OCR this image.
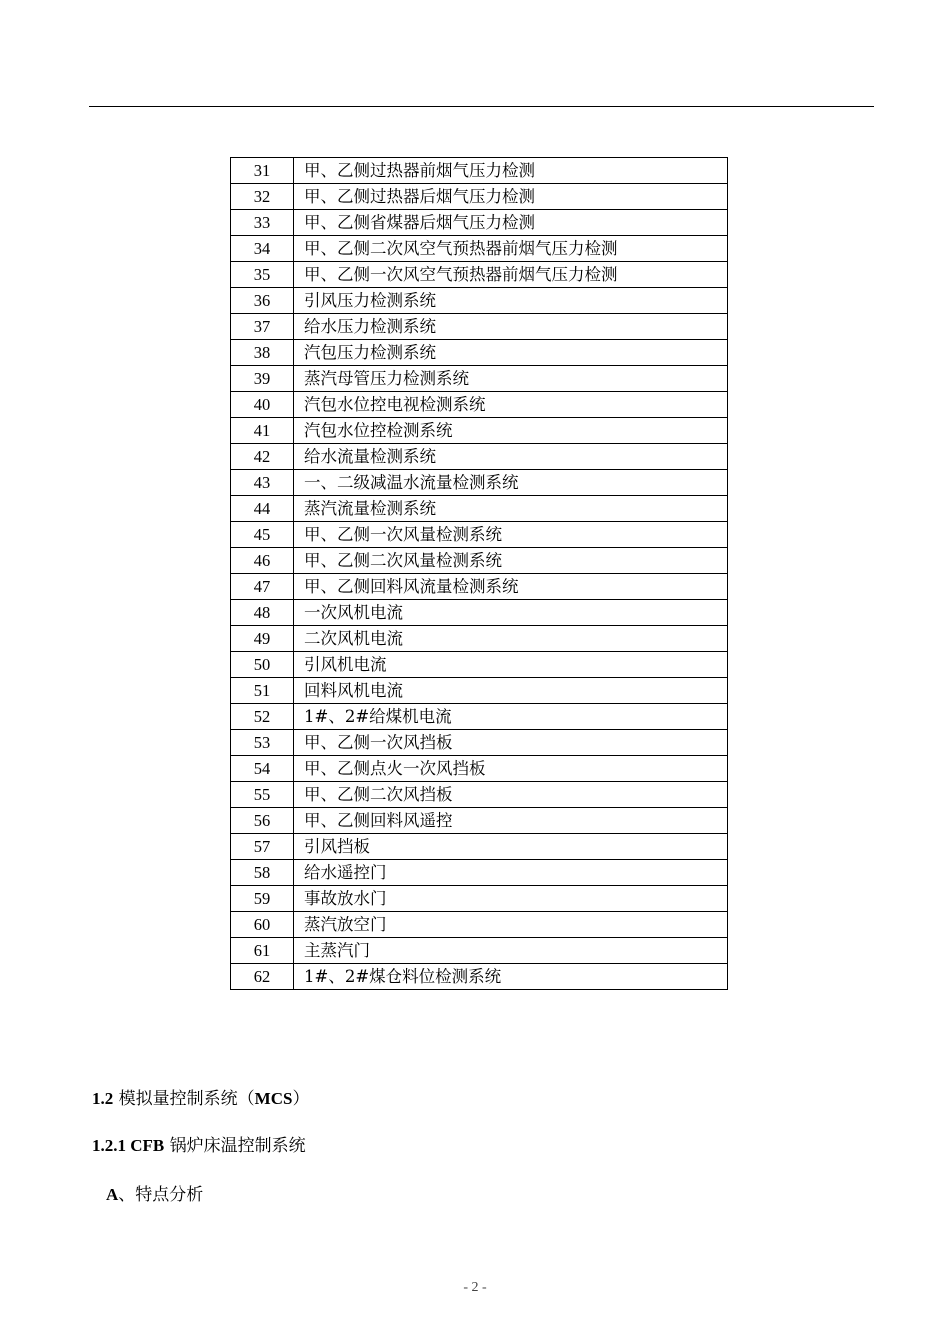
31	甲、乙侧过热器前烟气压力检测
32	甲、乙侧过热器后烟气压力检测
33	甲、乙侧省煤器后烟气压力检测
34	甲、乙侧二次风空气预热器前烟气压力检测
35	甲、乙侧一次风空气预热器前烟气压力检测
36	引风压力检测系统
37	给水压力检测系统
38	汽包压力检测系统
39	蒸汽母管压力检测系统
40	汽包水位控电视检测系统
41	汽包水位控检测系统
42	给水流量检测系统
43	一、二级减温水流量检测系统
44	蒸汽流量检测系统
45	甲、乙侧一次风量检测系统
46	甲、乙侧二次风量检测系统
47	甲、乙侧回料风流量检测系统
48	一次风机电流
49	二次风机电流
50	引风机电流
51	回料风机电流
52	1#、2#给煤机电流
53	甲、乙侧一次风挡板
54	甲、乙侧点火一次风挡板
55	甲、乙侧二次风挡板
56	甲、乙侧回料风遥控
57	引风挡板
58	给水遥控门
59	事故放水门
60	蒸汽放空门
61	主蒸汽门
62	1#、2#煤仓料位检测系统
1.2 模拟量控制系统（MCS）
1.2.1 CFB 锅炉床温控制系统
A、特点分析
- 2 -
